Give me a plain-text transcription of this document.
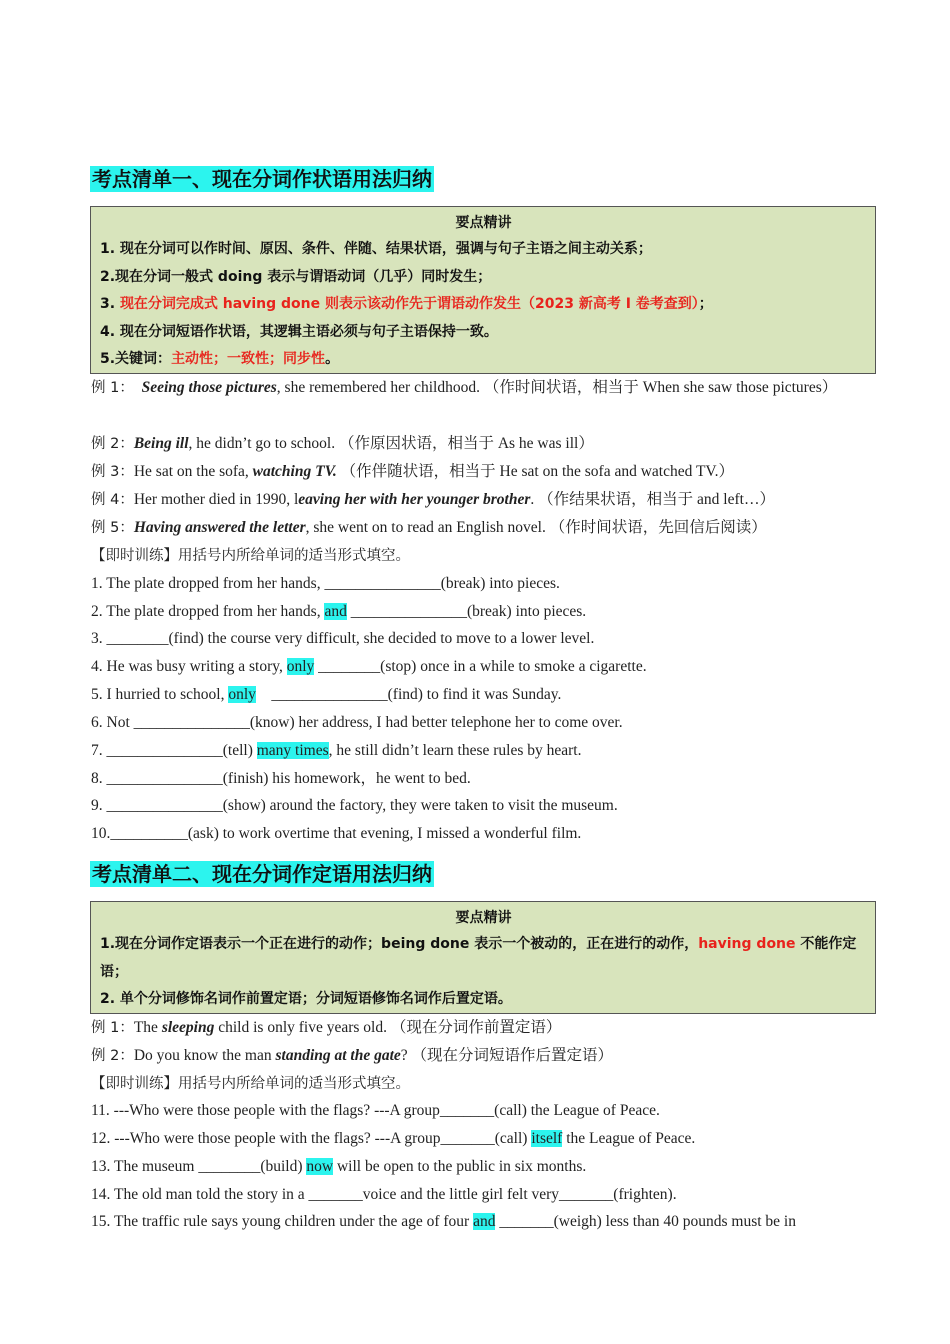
考点清单一、现在分词作状语用法归纳
要点精讲
1. 现在分词可以作时间、原因、条件、伴随、结果状语，强调与句子主语之间主动关系；
2.现在分词一般式 doing 表示与谓语动词（几乎）同时发生；
3. 现在分词完成式 having done 则表示该动作先于谓语动作发生（2023 新高考 I 卷考查到）；
4. 现在分词短语作状语，其逻辑主语必须与句子主语保持一致。
5.关键词：主动性；一致性；同步性。
例 1： Seeing those pictures, she remembered her childhood. （作时间状语，相当于 When she saw those pictures）
例 2：Being ill, he didn’t go to school. （作原因状语，相当于 As he was ill）
例 3：He sat on the sofa, watching TV. （作伴随状语，相当于 He sat on the sofa and watched TV.）
例 4：Her mother died in 1990, leaving her with her younger brother. （作结果状语，相当于 and left…）
例 5：Having answered the letter, she went on to read an English novel. （作时间状语，先回信后阅读）
【即时训练】用括号内所给单词的适当形式填空。
1. The plate dropped from her hands, _______________(break) into pieces.
2. The plate dropped from her hands, and _______________(break) into pieces.
3. ________(find) the course very difficult, she decided to move to a lower level.
4. He was busy writing a story, only ________(stop) once in a while to smoke a cigarette.
5. I hurried to school, only    _______________(find) to find it was Sunday.
6. Not _______________(know) her address, I had better telephone her to come over.
7. _______________(tell) many times, he still didn’t learn these rules by heart.
8. _______________(finish) his homework，he went to bed.
9. _______________(show) around the factory, they were taken to visit the museum.
10.__________(ask) to work overtime that evening, I missed a wonderful film.
考点清单二、现在分词作定语用法归纳
要点精讲
1.现在分词作定语表示一个正在进行的动作；being done 表示一个被动的，正在进行的动作，having done 不能作定语；
2. 单个分词修饰名词作前置定语；分词短语修饰名词作后置定语。
例 1：The sleeping child is only five years old. （现在分词作前置定语）
例 2：Do you know the man standing at the gate? （现在分词短语作后置定语）
【即时训练】用括号内所给单词的适当形式填空。
11. ---Who were those people with the flags? ---A group_______(call) the League of Peace.
12. ---Who were those people with the flags? ---A group_______(call) itself the League of Peace.
13. The museum ________(build) now will be open to the public in six months.
14. The old man told the story in a _______voice and the little girl felt very_______(frighten).
15. The traffic rule says young children under the age of four and _______(weigh) less than 40 pounds must be in
